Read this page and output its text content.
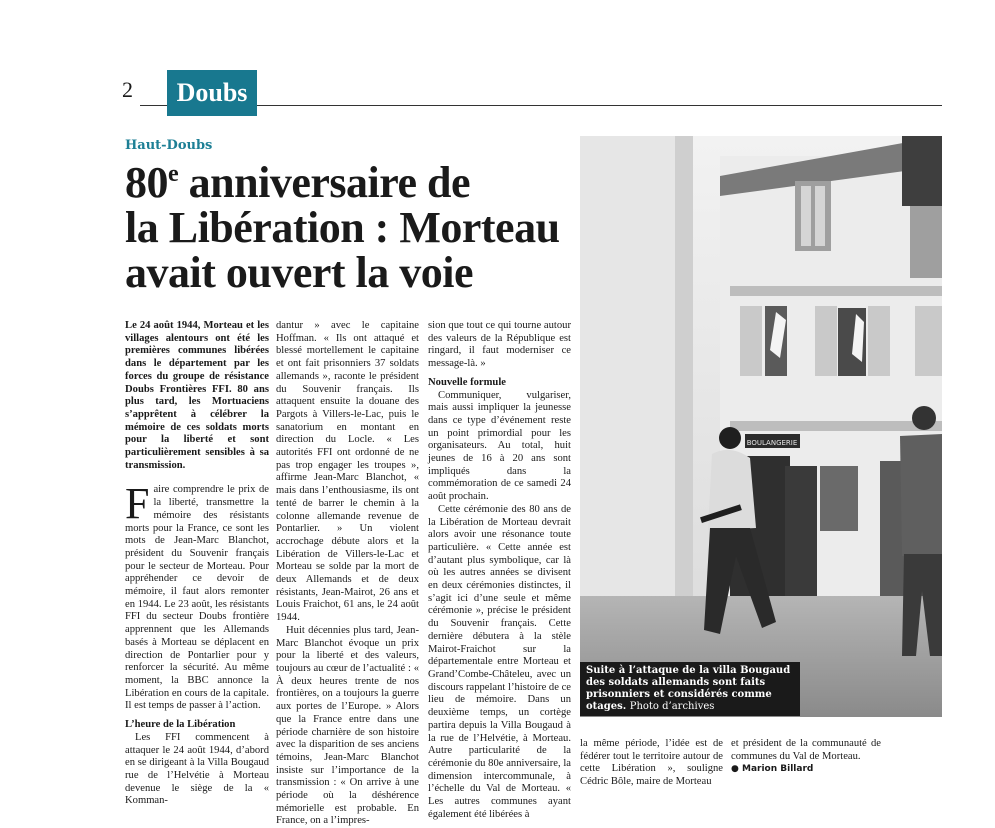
2	Doubs
Haut-Doubs
80e anniversaire de
la Libération : Morteau
avait ouvert la voie

Le 24 août 1944, Morteau et les villages alentours ont été les premières communes libérées dans le département par les forces du groupe de résistance Doubs Frontières FFI. 80 ans plus tard, les Mortuaciens s’apprêtent à célébrer la mémoire de ces soldats morts pour la liberté et sont particulièrement sensibles à sa transmission.

Faire comprendre le prix de la liberté, transmettre la mémoire des résistants morts pour la France, ce sont les mots de Jean-Marc Blanchot, président du Souvenir français pour le secteur de Morteau. Pour appréhender ce devoir de mémoire, il faut alors remonter en 1944. Le 23 août, les résistants FFI du secteur Doubs frontière apprennent que les Allemands basés à Morteau se déplacent en direction de Pontarlier pour y renforcer la sécurité. Au même moment, la BBC annonce la Libération en cours de la capitale. Il est temps de passer à l’action.

L’heure de la Libération

Les FFI commencent à attaquer le 24 août 1944, d’abord en se dirigeant à la Villa Bougaud rue de l’Helvétie à Morteau devenue le siège de la « Komman-

dantur » avec le capitaine Hoffman. « Ils ont attaqué et blessé mortellement le capitaine et ont fait prisonniers 37 soldats allemands », raconte le président du Souvenir français. Ils attaquent ensuite la douane des Pargots à Villers-le-Lac, puis le sanatorium en montant en direction du Locle. « Les autorités FFI ont ordonné de ne pas trop engager les troupes », affirme Jean-Marc Blanchot, « mais dans l’enthousiasme, ils ont tenté de barrer le chemin à la colonne allemande revenue de Pontarlier. » Un violent accrochage débute alors et la Libération de Villers-le-Lac et Morteau se solde par la mort de deux Allemands et de deux résistants, Jean-Mairot, 26 ans et Louis Fraichot, 61 ans, le 24 août 1944.

Huit décennies plus tard, Jean-Marc Blanchot évoque un prix pour la liberté et des valeurs, toujours au cœur de l’actualité : « À deux heures trente de nos frontières, on a toujours la guerre aux portes de l’Europe. » Alors que la France entre dans une période charnière de son histoire avec la disparition de ses anciens témoins, Jean-Marc Blanchot insiste sur l’importance de la transmission : « On arrive à une période où la déshérence mémorielle est probable. En France, on a l’impres-

sion que tout ce qui tourne autour des valeurs de la République est ringard, il faut moderniser ce message-là. »

Nouvelle formule

Communiquer, vulgariser, mais aussi impliquer la jeunesse dans ce type d’événement reste un point primordial pour les organisateurs. Au total, huit jeunes de 16 à 20 ans sont impliqués dans la commémoration de ce samedi 24 août prochain.

Cette cérémonie des 80 ans de la Libération de Morteau devrait alors avoir une résonance toute particulière. « Cette année est d’autant plus symbolique, car là où les autres années se divisent en deux cérémonies distinctes, il s’agit ici d’une seule et même cérémonie », précise le président du Souvenir français. Cette dernière débutera à la stèle Mairot-Fraichot sur la départementale entre Morteau et Grand’Combe-Châteleu, avec un discours rappelant l’histoire de ce lieu de mémoire. Dans un deuxième temps, un cortège partira depuis la Villa Bougaud à la rue de l’Helvétie, à Morteau. Autre particularité de la cérémonie du 80e anniversaire, la dimension intercommunale, à l’échelle du Val de Morteau. « Les autres communes ayant également été libérées à

BOULANGERIE
Suite à l’attaque de la villa Bougaud des soldats allemands sont faits prisonniers et considérés comme otages. Photo d’archives

la même période, l’idée est de fédérer tout le territoire autour de cette Libération », souligne Cédric Bôle, maire de Morteau

et président de la communauté de communes du Val de Morteau.

● Marion Billard
